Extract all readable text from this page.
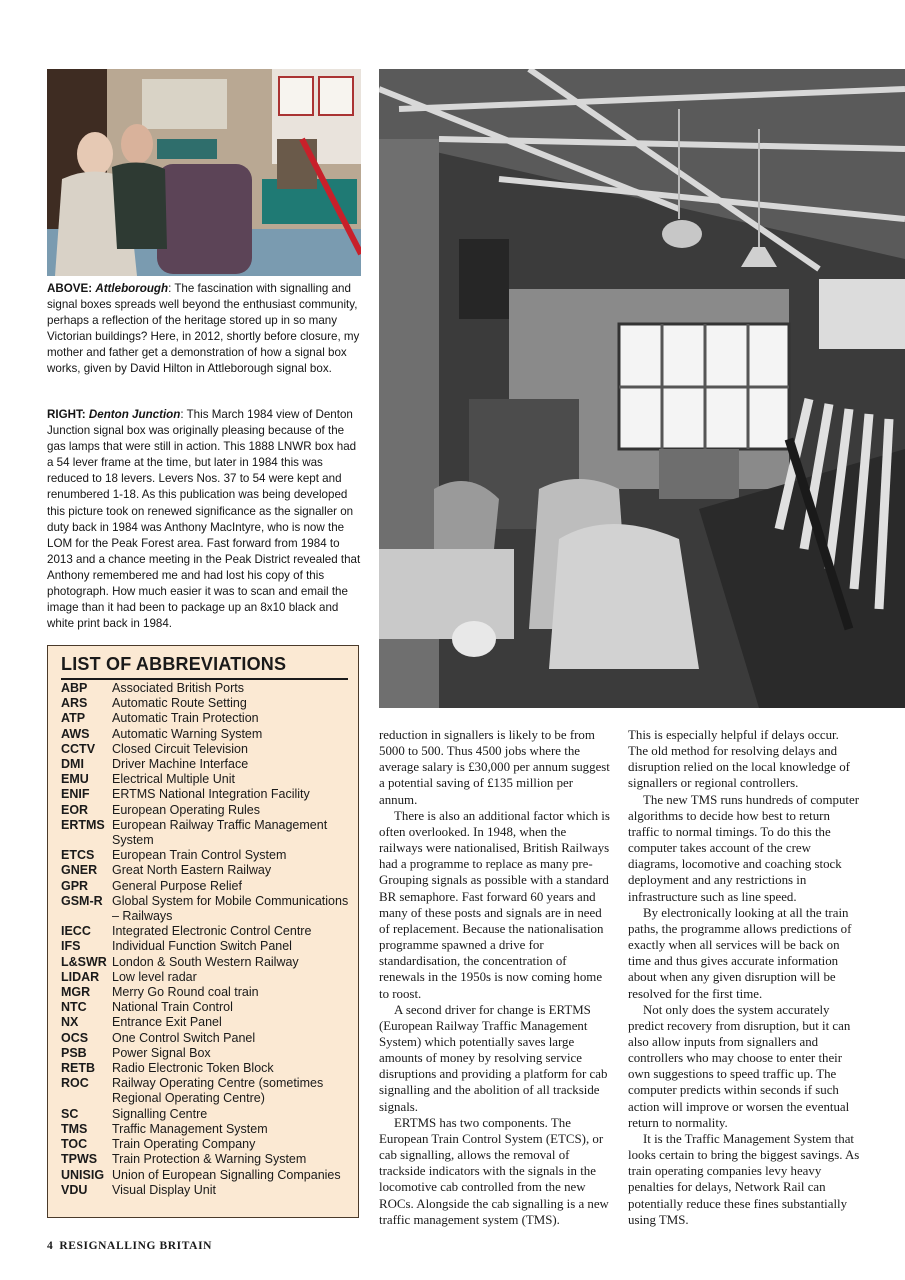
ABOVE: Attleborough: The fascination with signalling and signal boxes spreads well beyond the enthusiast community, perhaps a reflection of the heritage stored up in so many Victorian buildings? Here, in 2012, shortly before closure, my mother and father get a demonstration of how a signal box works, given by David Hilton in Attleborough signal box.
RIGHT: Denton Junction: This March 1984 view of Denton Junction signal box was originally pleasing because of the gas lamps that were still in action. This 1888 LNWR box had a 54 lever frame at the time, but later in 1984 this was reduced to 18 levers. Levers Nos. 37 to 54 were kept and renumbered 1-18. As this publication was being developed this picture took on renewed significance as the signaller on duty back in 1984 was Anthony MacIntyre, who is now the LOM for the Peak Forest area. Fast forward from 1984 to 2013 and a chance meeting in the Peak District revealed that Anthony remembered me and had lost his copy of this photograph. How much easier it was to scan and email the image than it had been to package up an 8x10 black and white print back in 1984.
LIST OF ABBREVIATIONS
ABP	Associated British Ports
ARS	Automatic Route Setting
ATP	Automatic Train Protection
AWS	Automatic Warning System
CCTV	Closed Circuit Television
DMI	Driver Machine Interface
EMU	Electrical Multiple Unit
ENIF	ERTMS National Integration Facility
EOR	European Operating Rules
ERTMS European Railway Traffic Management System
ETCS	European Train Control System
GNER	Great North Eastern Railway
GPR	General Purpose Relief
GSM-R Global System for Mobile Communications – Railways
IECC	Integrated Electronic Control Centre
IFS	Individual Function Switch Panel
L&SWR London & South Western Railway
LIDAR	Low level radar
MGR	Merry Go Round coal train
NTC	National Train Control
NX	Entrance Exit Panel
OCS	One Control Switch Panel
PSB	Power Signal Box
RETB	Radio Electronic Token Block
ROC	Railway Operating Centre (sometimes Regional Operating Centre)
SC	Signalling Centre
TMS	Traffic Management System
TOC	Train Operating Company
TPWS	Train Protection & Warning System
UNISIG Union of European Signalling Companies
VDU	Visual Display Unit

reduction in signallers is likely to be from 5000 to 500. Thus 4500 jobs where the average salary is £30,000 per annum suggest a potential saving of £135 million per annum.

There is also an additional factor which is often overlooked. In 1948, when the railways were nationalised, British Railways had a programme to replace as many pre-Grouping signals as possible with a standard BR semaphore. Fast forward 60 years and many of these posts and signals are in need of replacement. Because the nationalisation programme spawned a drive for standardisation, the concentration of renewals in the 1950s is now coming home to roost.

A second driver for change is ERTMS (European Railway Traffic Management System) which potentially saves large amounts of money by resolving service disruptions and providing a platform for cab signalling and the abolition of all trackside signals.

ERTMS has two components. The European Train Control System (ETCS), or cab signalling, allows the removal of trackside indicators with the signals in the locomotive cab controlled from the new ROCs. Alongside the cab signalling is a new traffic management system (TMS).

This is especially helpful if delays occur. The old method for resolving delays and disruption relied on the local knowledge of signallers or regional controllers.

The new TMS runs hundreds of computer algorithms to decide how best to return traffic to normal timings. To do this the computer takes account of the crew diagrams, locomotive and coaching stock deployment and any restrictions in infrastructure such as line speed.

By electronically looking at all the train paths, the programme allows predictions of exactly when all services will be back on time and thus gives accurate information about when any given disruption will be resolved for the first time.

Not only does the system accurately predict recovery from disruption, but it can also allow inputs from signallers and controllers who may choose to enter their own suggestions to speed traffic up. The computer predicts within seconds if such action will improve or worsen the eventual return to normality.

It is the Traffic Management System that looks certain to bring the biggest savings. As train operating companies levy heavy penalties for delays, Network Rail can potentially reduce these fines substantially using TMS.

4 RESIGNALLING BRITAIN
